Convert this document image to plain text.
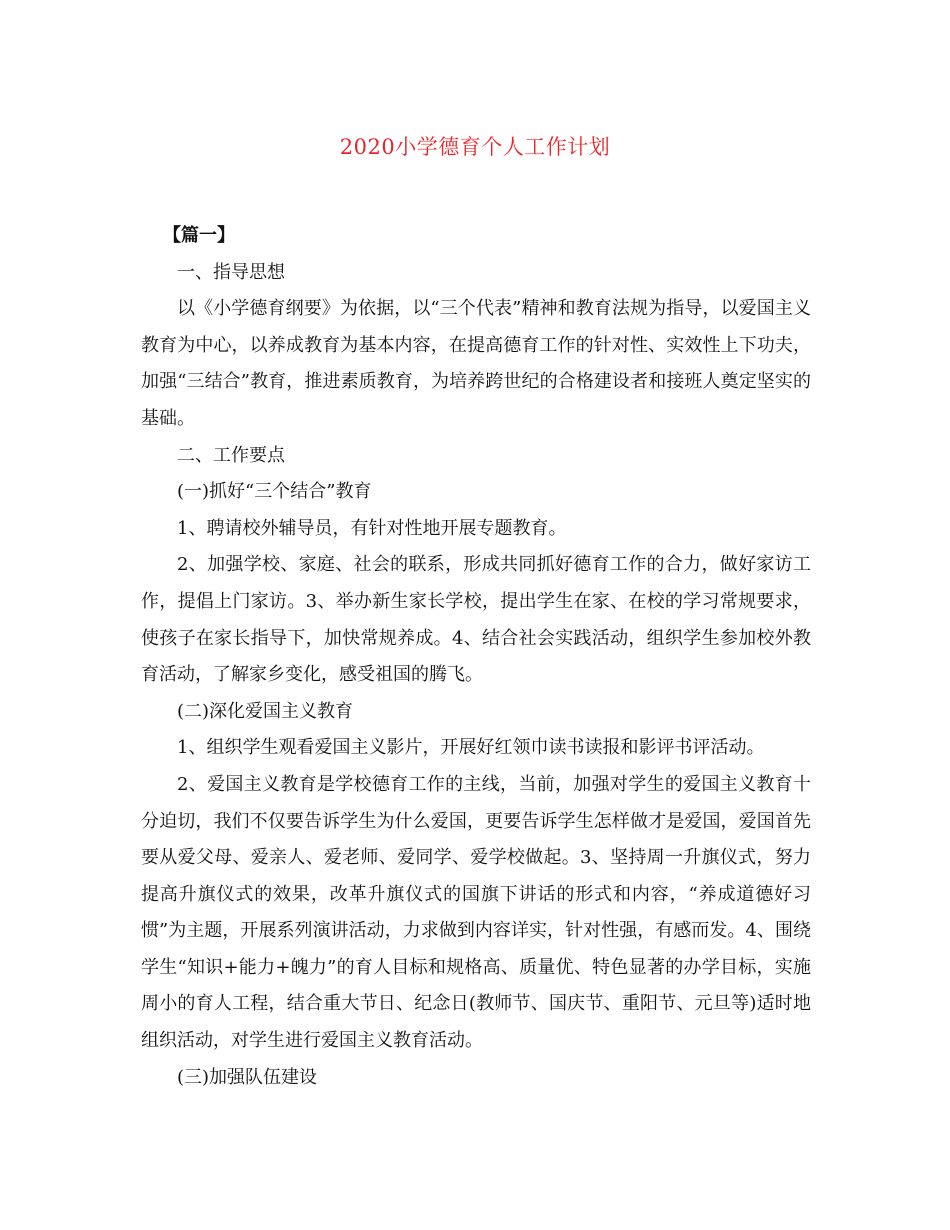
2020小学德育个人工作计划

【篇一】

一、指导思想

以《小学德育纲要》为依据，以“三个代表”精神和教育法规为指导，以爱国主义教育为中心，以养成教育为基本内容，在提高德育工作的针对性、实效性上下功夫，加强“三结合”教育，推进素质教育，为培养跨世纪的合格建设者和接班人奠定坚实的基础。

二、工作要点

(一)抓好“三个结合”教育

1、聘请校外辅导员，有针对性地开展专题教育。

2、加强学校、家庭、社会的联系，形成共同抓好德育工作的合力，做好家访工作，提倡上门家访。3、举办新生家长学校，提出学生在家、在校的学习常规要求，使孩子在家长指导下，加快常规养成。4、结合社会实践活动，组织学生参加校外教育活动，了解家乡变化，感受祖国的腾飞。

(二)深化爱国主义教育

1、组织学生观看爱国主义影片，开展好红领巾读书读报和影评书评活动。

2、爱国主义教育是学校德育工作的主线，当前，加强对学生的爱国主义教育十分迫切，我们不仅要告诉学生为什么爱国，更要告诉学生怎样做才是爱国，爱国首先要从爱父母、爱亲人、爱老师、爱同学、爱学校做起。3、坚持周一升旗仪式，努力提高升旗仪式的效果，改革升旗仪式的国旗下讲话的形式和内容，“养成道德好习惯”为主题，开展系列演讲活动，力求做到内容详实，针对性强，有感而发。4、围绕学生“知识+能力+魄力”的育人目标和规格高、质量优、特色显著的办学目标，实施周小的育人工程，结合重大节日、纪念日(教师节、国庆节、重阳节、元旦等)适时地组织活动，对学生进行爱国主义教育活动。

(三)加强队伍建设
